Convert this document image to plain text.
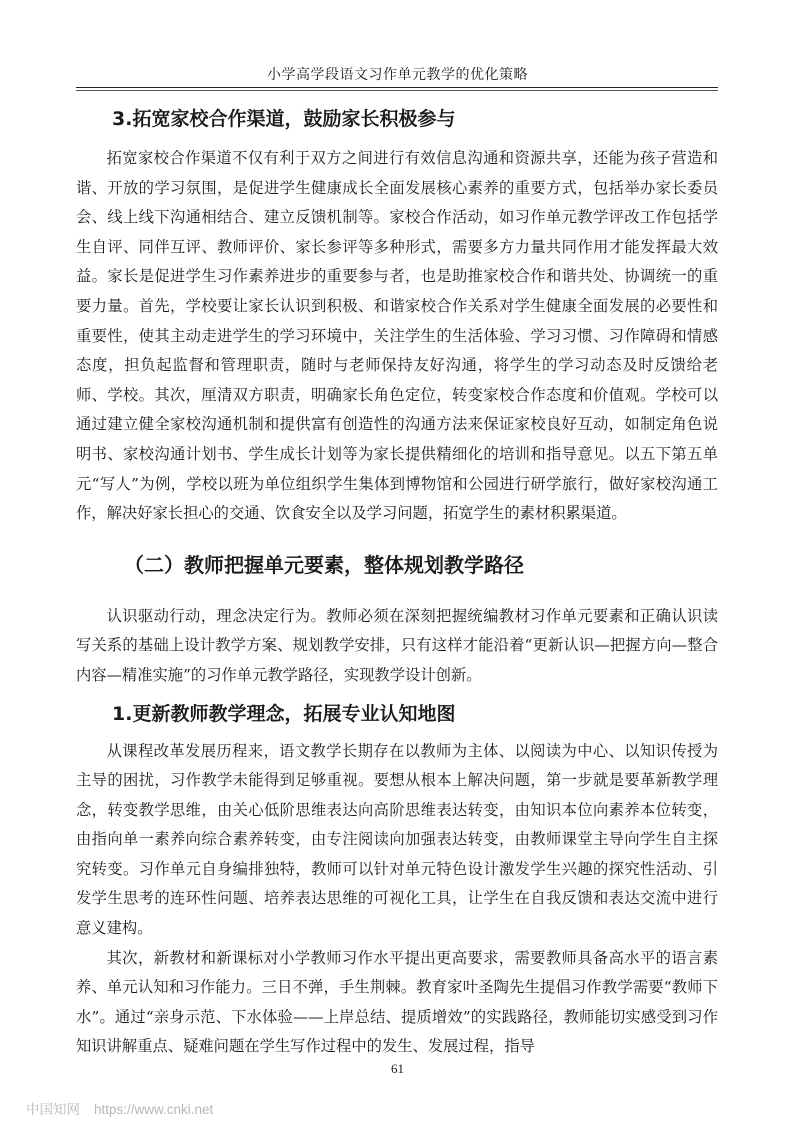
小学高学段语文习作单元教学的优化策略
3.拓宽家校合作渠道，鼓励家长积极参与

拓宽家校合作渠道不仅有利于双方之间进行有效信息沟通和资源共享，还能为孩子营造和谐、开放的学习氛围，是促进学生健康成长全面发展核心素养的重要方式，包括举办家长委员会、线上线下沟通相结合、建立反馈机制等。家校合作活动，如习作单元教学评改工作包括学生自评、同伴互评、教师评价、家长参评等多种形式，需要多方力量共同作用才能发挥最大效益。家长是促进学生习作素养进步的重要参与者，也是助推家校合作和谐共处、协调统一的重要力量。首先，学校要让家长认识到积极、和谐家校合作关系对学生健康全面发展的必要性和重要性，使其主动走进学生的学习环境中，关注学生的生活体验、学习习惯、习作障碍和情感态度，担负起监督和管理职责，随时与老师保持友好沟通，将学生的学习动态及时反馈给老师、学校。其次，厘清双方职责，明确家长角色定位，转变家校合作态度和价值观。学校可以通过建立健全家校沟通机制和提供富有创造性的沟通方法来保证家校良好互动，如制定角色说明书、家校沟通计划书、学生成长计划等为家长提供精细化的培训和指导意见。以五下第五单元“写人”为例，学校以班为单位组织学生集体到博物馆和公园进行研学旅行，做好家校沟通工作，解决好家长担心的交通、饮食安全以及学习问题，拓宽学生的素材积累渠道。

（二）教师把握单元要素，整体规划教学路径

认识驱动行动，理念决定行为。教师必须在深刻把握统编教材习作单元要素和正确认识读写关系的基础上设计教学方案、规划教学安排，只有这样才能沿着“更新认识—把握方向—整合内容—精准实施”的习作单元教学路径，实现教学设计创新。

1.更新教师教学理念，拓展专业认知地图

从课程改革发展历程来，语文教学长期存在以教师为主体、以阅读为中心、以知识传授为主导的困扰，习作教学未能得到足够重视。要想从根本上解决问题，第一步就是要革新教学理念，转变教学思维，由关心低阶思维表达向高阶思维表达转变，由知识本位向素养本位转变，由指向单一素养向综合素养转变，由专注阅读向加强表达转变，由教师课堂主导向学生自主探究转变。习作单元自身编排独特，教师可以针对单元特色设计激发学生兴趣的探究性活动、引发学生思考的连环性问题、培养表达思维的可视化工具，让学生在自我反馈和表达交流中进行意义建构。

其次，新教材和新课标对小学教师习作水平提出更高要求，需要教师具备高水平的语言素养、单元认知和习作能力。三日不弹，手生荆棘。教育家叶圣陶先生提倡习作教学需要“教师下水”。通过“亲身示范、下水体验——上岸总结、提质增效”的实践路径，教师能切实感受到习作知识讲解重点、疑难问题在学生写作过程中的发生、发展过程，指导

61
中国知网 https://www.cnki.net
